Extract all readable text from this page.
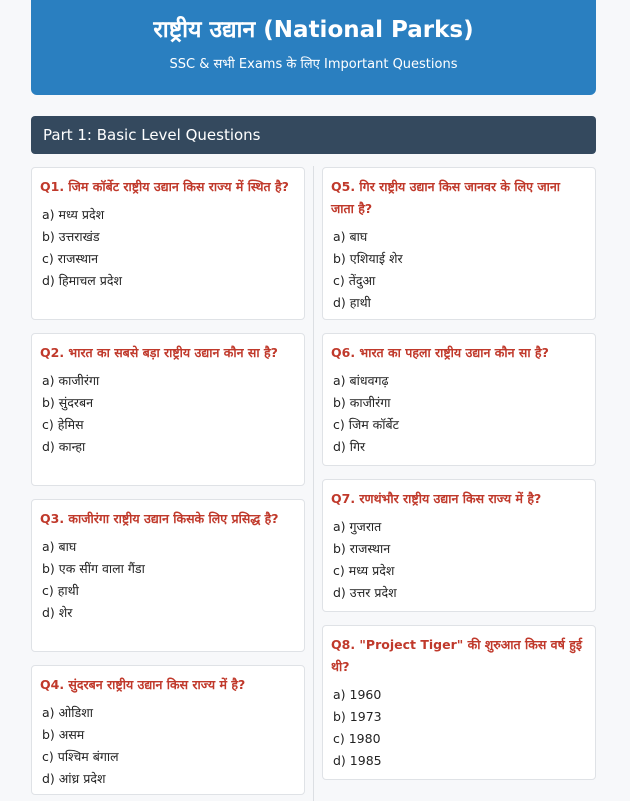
राष्ट्रीय उद्यान (National Parks)
SSC & सभी Exams के लिए Important Questions
Part 1: Basic Level Questions
Q1. जिम कॉर्बेट राष्ट्रीय उद्यान किस राज्य में स्थित है?
a) मध्य प्रदेश
b) उत्तराखंड
c) राजस्थान
d) हिमाचल प्रदेश
Q2. भारत का सबसे बड़ा राष्ट्रीय उद्यान कौन सा है?
a) काजीरंगा
b) सुंदरबन
c) हेमिस
d) कान्हा
Q3. काजीरंगा राष्ट्रीय उद्यान किसके लिए प्रसिद्ध है?
a) बाघ
b) एक सींग वाला गैंडा
c) हाथी
d) शेर
Q4. सुंदरबन राष्ट्रीय उद्यान किस राज्य में है?
a) ओडिशा
b) असम
c) पश्चिम बंगाल
d) आंध्र प्रदेश
Q5. गिर राष्ट्रीय उद्यान किस जानवर के लिए जाना जाता है?
a) बाघ
b) एशियाई शेर
c) तेंदुआ
d) हाथी
Q6. भारत का पहला राष्ट्रीय उद्यान कौन सा है?
a) बांधवगढ़
b) काजीरंगा
c) जिम कॉर्बेट
d) गिर
Q7. रणथंभौर राष्ट्रीय उद्यान किस राज्य में है?
a) गुजरात
b) राजस्थान
c) मध्य प्रदेश
d) उत्तर प्रदेश
Q8. "Project Tiger" की शुरुआत किस वर्ष हुई थी?
a) 1960
b) 1973
c) 1980
d) 1985
